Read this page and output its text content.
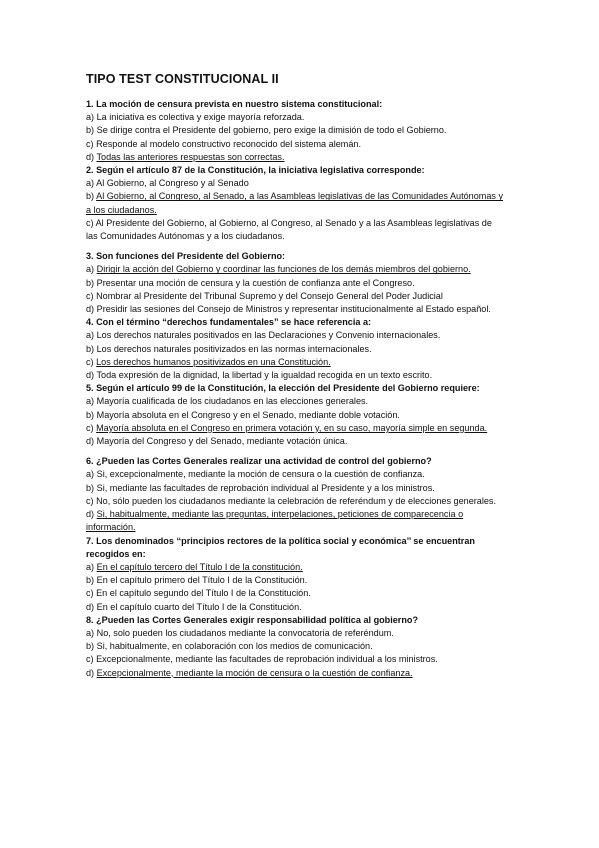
TIPO TEST CONSTITUCIONAL II
1. La moción de censura prevista en nuestro sistema constitucional:
a) La iniciativa es colectiva y exige mayoría reforzada.
b) Se dirige contra el Presidente del gobierno, pero exige la dimisión de todo el Gobierno.
c) Responde al modelo constructivo reconocido del sistema alemán.
d) Todas las anteriores respuestas son correctas.
2. Según el artículo 87 de la Constitución, la iniciativa legislativa corresponde:
a) Al Gobierno, al Congreso y al Senado
b) Al Gobierno, al Congreso, al Senado, a las Asambleas legislativas de las Comunidades Autónomas y a los ciudadanos.
c) Al Presidente del Gobierno, al Gobierno, al Congreso, al Senado y a las Asambleas legislativas de las Comunidades Autónomas y a los ciudadanos.
3. Son funciones del Presidente del Gobierno:
a) Dirigir la acción del Gobierno y coordinar las funciones de los demás miembros del gobierno.
b) Presentar una moción de censura y la cuestión de confianza ante el Congreso.
c) Nombrar al Presidente del Tribunal Supremo y del Consejo General del Poder Judicial
d) Presidir las sesiones del Consejo de Ministros y representar institucionalmente al Estado español.
4. Con el término “derechos fundamentales” se hace referencia a:
a) Los derechos naturales positivados en las Declaraciones y Convenio internacionales.
b) Los derechos naturales positivizados en las normas internacionales.
c) Los derechos humanos positivizados en una Constitución.
d) Toda expresión de la dignidad, la libertad y la igualdad recogida en un texto escrito.
5. Según el artículo 99 de la Constitución, la elección del Presidente del Gobierno requiere:
a) Mayoría cualificada de los ciudadanos en las elecciones generales.
b) Mayoría absoluta en el Congreso y en el Senado, mediante doble votación.
c) Mayoría absoluta en el Congreso en primera votación y, en su caso, mayoría simple en segunda.
d) Mayoría del Congreso y del Senado, mediante votación única.
6. ¿Pueden las Cortes Generales realizar una actividad de control del gobierno?
a) Si, excepcionalmente, mediante la moción de censura o la cuestión de confianza.
b) Si, mediante las facultades de reprobación individual al Presidente y a los ministros.
c) No, sólo pueden los ciudadanos mediante la celebración de referéndum y de elecciones generales.
d) Si, habitualmente, mediante las preguntas, interpelaciones, peticiones de comparecencia o información.
7. Los denominados ‘‘principios rectores de la política social y económica’’ se encuentran recogidos en:
a) En el capítulo tercero del Título I de la constitución.
b) En el capítulo primero del Título I de la Constitución.
c) En el capítulo segundo del Título I de la Constitución.
d) En el capítulo cuarto del Título I de la Constitución.
8. ¿Pueden las Cortes Generales exigir responsabilidad política al gobierno?
a) No, solo pueden los ciudadanos mediante la convocatoria de referéndum.
b) Si, habitualmente, en colaboración con los medios de comunicación.
c) Excepcionalmente, mediante las facultades de reprobación individual a los ministros.
d) Excepcionalmente, mediante la moción de censura o la cuestión de confianza.
